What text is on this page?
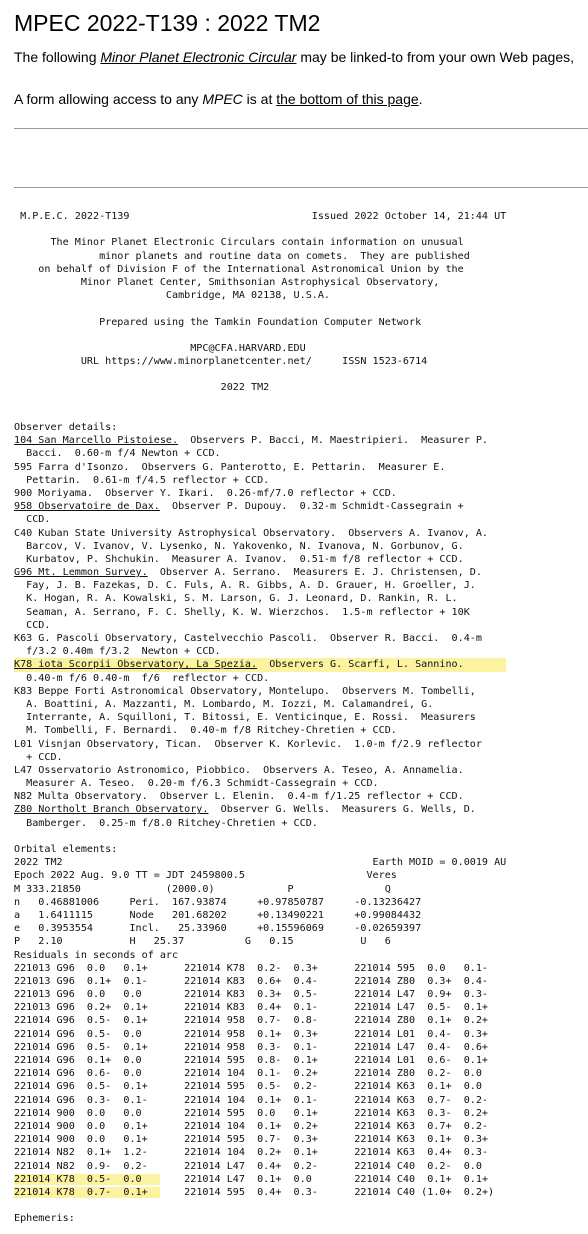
MPEC 2022-T139 : 2022 TM2
The following Minor Planet Electronic Circular may be linked-to from your own Web pages,
A form allowing access to any MPEC is at the bottom of this page.
M.P.E.C. 2022-T139                              Issued 2022 October 14, 21:44 UT

The Minor Planet Electronic Circulars contain information on unusual
minor planets and routine data on comets.  They are published
on behalf of Division F of the International Astronomical Union by the
Minor Planet Center, Smithsonian Astrophysical Observatory,
Cambridge, MA 02138, U.S.A.

Prepared using the Tamkin Foundation Computer Network

MPC@CFA.HARVARD.EDU
URL https://www.minorplanetcenter.net/     ISSN 1523-6714

2022 TM2

Observer details:
104 San Marcello Pistoiese.  Observers P. Bacci, M. Maestripieri.  Measurer P.
Bacci.  0.60-m f/4 Newton + CCD.
595 Farra d'Isonzo.  Observers G. Panterotto, E. Pettarin.  Measurer E.
Pettarin.  0.61-m f/4.5 reflector + CCD.
900 Moriyama.  Observer Y. Ikari.  0.26-mf/7.0 reflector + CCD.
958 Observatoire de Dax.  Observer P. Dupouy.  0.32-m Schmidt-Cassegrain +
CCD.
C40 Kuban State University Astrophysical Observatory.  Observers A. Ivanov, A.
Barcov, V. Ivanov, V. Lysenko, N. Yakovenko, N. Ivanova, N. Gorbunov, G.
Kurbatov, P. Shchukin.  Measurer A. Ivanov.  0.51-m f/8 reflector + CCD.
G96 Mt. Lemmon Survey.  Observer A. Serrano.  Measurers E. J. Christensen, D.
Fay, J. B. Fazekas, D. C. Fuls, A. R. Gibbs, A. D. Grauer, H. Groeller, J.
K. Hogan, R. A. Kowalski, S. M. Larson, G. J. Leonard, D. Rankin, R. L.
Seaman, A. Serrano, F. C. Shelly, K. W. Wierzchos.  1.5-m reflector + 10K
CCD.
K63 G. Pascoli Observatory, Castelvecchio Pascoli.  Observer R. Bacci.  0.4-m
f/3.2 0.40m f/3.2  Newton + CCD.
K78 iota Scorpii Observatory, La Spezia.  Observers G. Scarfi, L. Sannino.
0.40-m f/6 0.40-m  f/6  reflector + CCD.
K83 Beppe Forti Astronomical Observatory, Montelupo.  Observers M. Tombelli,
A. Boattini, A. Mazzanti, M. Lombardo, M. Iozzi, M. Calamandrei, G.
Interrante, A. Squilloni, T. Bitossi, E. Venticinque, E. Rossi.  Measurers
M. Tombelli, F. Bernardi.  0.40-m f/8 Ritchey-Chretien + CCD.
L01 Visnjan Observatory, Tican.  Observer K. Korlevic.  1.0-m f/2.9 reflector
+ CCD.
L47 Osservatorio Astronomico, Piobbico.  Observers A. Teseo, A. Annamelia.
Measurer A. Teseo.  0.20-m f/6.3 Schmidt-Cassegrain + CCD.
N82 Multa Observatory.  Observer L. Elenin.  0.4-m f/1.25 reflector + CCD.
Z80 Northolt Branch Observatory.  Observer G. Wells.  Measurers G. Wells, D.
Bamberger.  0.25-m f/8.0 Ritchey-Chretien + CCD.

Orbital elements:
2022 TM2                                                   Earth MOID = 0.0019 AU
Epoch 2022 Aug. 9.0 TT = JDT 2459800.5                    Veres
M 333.21850              (2000.0)            P               Q
n   0.46881006     Peri.  167.93874     +0.97850787     -0.13236427
a   1.6411115      Node   201.68202     +0.13490221     +0.99084432
e   0.3953554      Incl.   25.33960     +0.15596069     -0.02659397
P   2.10           H   25.37          G   0.15           U   6
Residuals in seconds of arc
221013 G96  0.0   0.1+      221014 K78  0.2-  0.3+      221014 595  0.0   0.1-
221013 G96  0.1+  0.1-      221014 K83  0.6+  0.4-      221014 Z80  0.3+  0.4-
221013 G96  0.0   0.0       221014 K83  0.3+  0.5-      221014 L47  0.9+  0.3-
221013 G96  0.2+  0.1+      221014 K83  0.4+  0.1-      221014 L47  0.5-  0.1+
221014 G96  0.5-  0.1+      221014 958  0.7-  0.8-      221014 Z80  0.1+  0.2+
221014 G96  0.5-  0.0       221014 958  0.1+  0.3+      221014 L01  0.4-  0.3+
221014 G96  0.5-  0.1+      221014 958  0.3-  0.1-      221014 L47  0.4-  0.6+
221014 G96  0.1+  0.0       221014 595  0.8-  0.1+      221014 L01  0.6-  0.1+
221014 G96  0.6-  0.0       221014 104  0.1-  0.2+      221014 Z80  0.2-  0.0
221014 G96  0.5-  0.1+      221014 595  0.5-  0.2-      221014 K63  0.1+  0.0
221014 G96  0.3-  0.1-      221014 104  0.1+  0.1-      221014 K63  0.7-  0.2-
221014 900  0.0   0.0       221014 595  0.0   0.1+      221014 K63  0.3-  0.2+
221014 900  0.0   0.1+      221014 104  0.1+  0.2+      221014 K63  0.7+  0.2-
221014 900  0.0   0.1+      221014 595  0.7-  0.3+      221014 K63  0.1+  0.3+
221014 N82  0.1+  1.2-      221014 104  0.2+  0.1+      221014 K63  0.4+  0.3-
221014 N82  0.9-  0.2-      221014 L47  0.4+  0.2-      221014 C40  0.2-  0.0
221014 K78  0.5-  0.0       221014 L47  0.1+  0.0       221014 C40  0.1+  0.1+
221014 K78  0.7-  0.1+      221014 595  0.4+  0.3-      221014 C40 (1.0+  0.2+)

Ephemeris:
